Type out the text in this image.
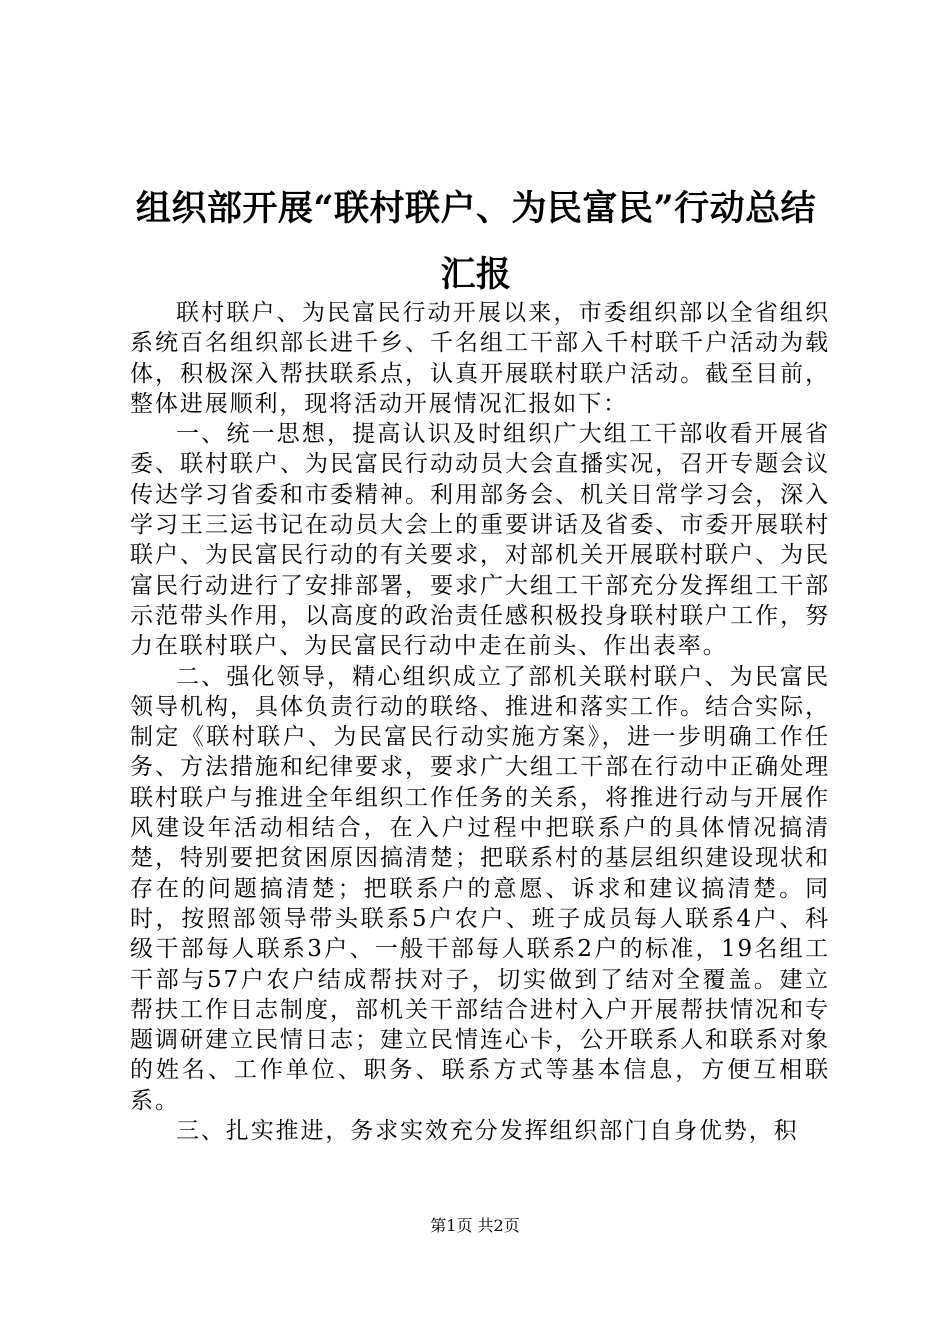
组织部开展“联村联户、为民富民”行动总结汇报

联村联户、为民富民行动开展以来，市委组织部以全省组织系统百名组织部长进千乡、千名组工干部入千村联千户活动为载体，积极深入帮扶联系点，认真开展联村联户活动。截至目前，整体进展顺利，现将活动开展情况汇报如下：

一、统一思想，提高认识及时组织广大组工干部收看开展省委、联村联户、为民富民行动动员大会直播实况，召开专题会议传达学习省委和市委精神。利用部务会、机关日常学习会，深入学习王三运书记在动员大会上的重要讲话及省委、市委开展联村联户、为民富民行动的有关要求，对部机关开展联村联户、为民富民行动进行了安排部署，要求广大组工干部充分发挥组工干部示范带头作用，以高度的政治责任感积极投身联村联户工作，努力在联村联户、为民富民行动中走在前头、作出表率。

二、强化领导，精心组织成立了部机关联村联户、为民富民领导机构，具体负责行动的联络、推进和落实工作。结合实际，制定《联村联户、为民富民行动实施方案》，进一步明确工作任务、方法措施和纪律要求，要求广大组工干部在行动中正确处理联村联户与推进全年组织工作任务的关系，将推进行动与开展作风建设年活动相结合，在入户过程中把联系户的具体情况搞清楚，特别要把贫困原因搞清楚；把联系村的基层组织建设现状和存在的问题搞清楚；把联系户的意愿、诉求和建议搞清楚。同时，按照部领导带头联系5户农户、班子成员每人联系4户、科级干部每人联系3户、一般干部每人联系2户的标准，19名组工干部与57户农户结成帮扶对子，切实做到了结对全覆盖。建立帮扶工作日志制度，部机关干部结合进村入户开展帮扶情况和专题调研建立民情日志；建立民情连心卡，公开联系人和联系对象的姓名、工作单位、职务、联系方式等基本信息，方便互相联系。

三、扎实推进，务求实效充分发挥组织部门自身优势，积

第1页 共2页
